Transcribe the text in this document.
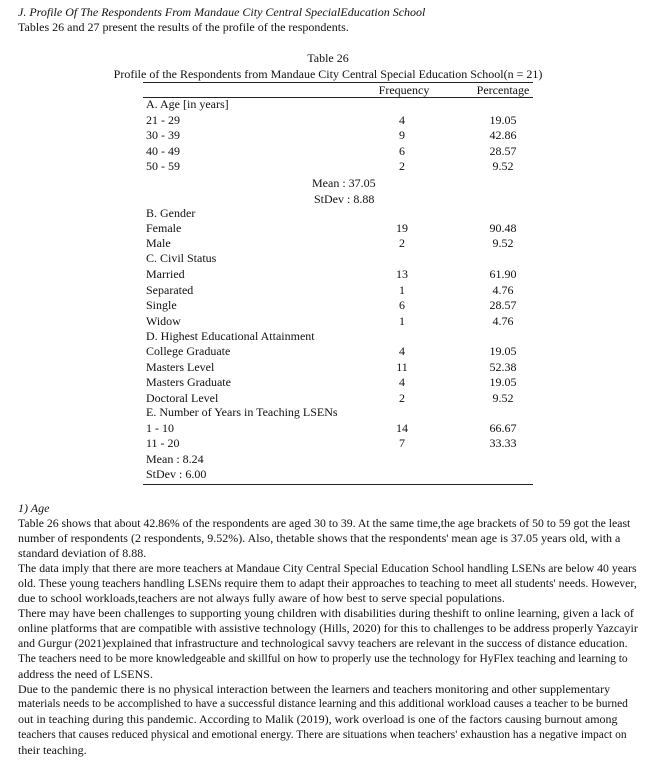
J. Profile Of The Respondents From Mandaue City Central SpecialEducation School
Tables 26 and 27 present the results of the profile of the respondents.
Table 26
Profile of the Respondents from Mandaue City Central Special Education School(n = 21)
Frequency	Percentage
A. Age [in years]
21 - 29	4	19.05
30 - 39	9	42.86
40 - 49	6	28.57
50 - 59	2	9.52
Mean : 37.05
StDev : 8.88
B. Gender
Female	19	90.48
Male	2	9.52
C. Civil Status
Married	13	61.90
Separated	1	4.76
Single	6	28.57
Widow	1	4.76
D. Highest Educational Attainment
College Graduate	4	19.05
Masters Level	11	52.38
Masters Graduate	4	19.05
Doctoral Level	2	9.52
E. Number of Years in Teaching LSENs
1 - 10	14	66.67
11 - 20	7	33.33
Mean : 8.24
StDev : 6.00
1) Age
Table 26 shows that about 42.86% of the respondents are aged 30 to 39. At the same time,the age brackets of 50 to 59 got the least
number of respondents (2 respondents, 9.52%). Also, thetable shows that the respondents' mean age is 37.05 years old, with a
standard deviation of 8.88.
The data imply that there are more teachers at Mandaue City Central Special Education School handling LSENs are below 40 years
old. These young teachers handling LSENs require them to adapt their approaches to teaching to meet all students' needs. However,
due to school workloads,teachers are not always fully aware of how best to serve special populations.
There may have been challenges to supporting young children with disabilities during theshift to online learning, given a lack of
online platforms that are compatible with assistive technology (Hills, 2020) for this to challenges to be address properly Yazcayir
and Gurgur (2021)explained that infrastructure and technological savvy teachers are relevant in the success of distance education.
The teachers need to be more knowledgeable and skillful on how to properly use the technology for HyFlex teaching and learning to
address the need of LSENS.
Due to the pandemic there is no physical interaction between the learners and teachers monitoring and other supplementary
materials needs to be accomplished to have a successful distance learning and this additional workload causes a teacher to be burned
out in teaching during this pandemic. According to Malik (2019), work overload is one of the factors causing burnout among
teachers that causes reduced physical and emotional energy. There are situations when teachers' exhaustion has a negative impact on
their teaching.
